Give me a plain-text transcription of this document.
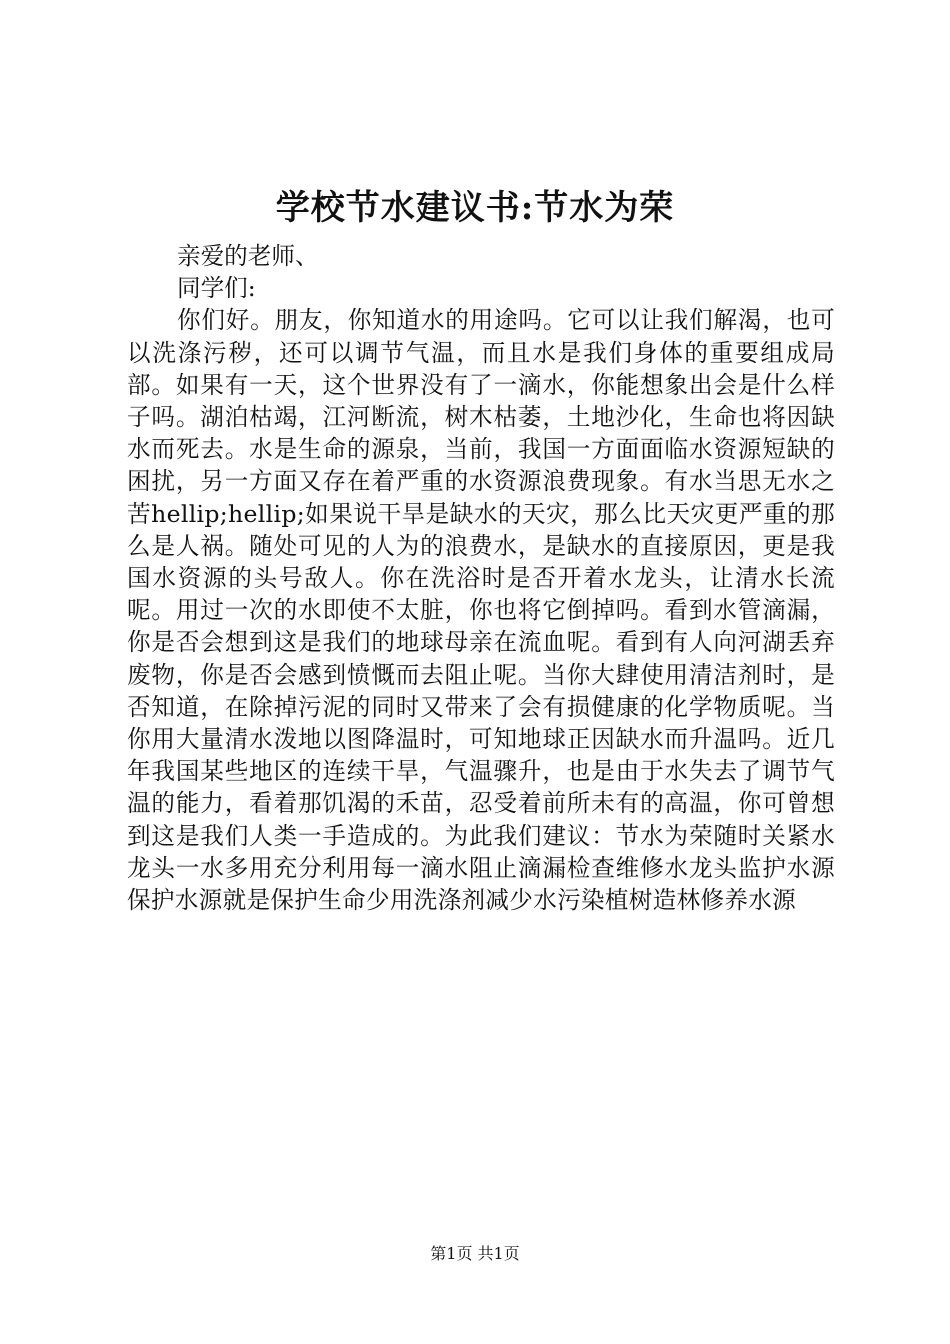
学校节水建议书:节水为荣

亲爱的老师、

同学们:

你们好。朋友，你知道水的用途吗。它可以让我们解渴，也可以洗涤污秽，还可以调节气温，而且水是我们身体的重要组成局部。如果有一天，这个世界没有了一滴水，你能想象出会是什么样子吗。湖泊枯竭，江河断流，树木枯萎，土地沙化，生命也将因缺水而死去。水是生命的源泉，当前，我国一方面面临水资源短缺的困扰，另一方面又存在着严重的水资源浪费现象。有水当思无水之苦hellip;hellip;如果说干旱是缺水的天灾，那么比天灾更严重的那么是人祸。随处可见的人为的浪费水，是缺水的直接原因，更是我国水资源的头号敌人。你在洗浴时是否开着水龙头，让清水长流呢。用过一次的水即使不太脏，你也将它倒掉吗。看到水管滴漏，你是否会想到这是我们的地球母亲在流血呢。看到有人向河湖丢弃废物，你是否会感到愤慨而去阻止呢。当你大肆使用清洁剂时，是否知道，在除掉污泥的同时又带来了会有损健康的化学物质呢。当你用大量清水泼地以图降温时，可知地球正因缺水而升温吗。近几年我国某些地区的连续干旱，气温骤升，也是由于水失去了调节气温的能力，看着那饥渴的禾苗，忍受着前所未有的高温，你可曾想到这是我们人类一手造成的。为此我们建议：节水为荣随时关紧水龙头一水多用充分利用每一滴水阻止滴漏检查维修水龙头监护水源保护水源就是保护生命少用洗涤剂减少水污染植树造林修养水源

第1页 共1页
